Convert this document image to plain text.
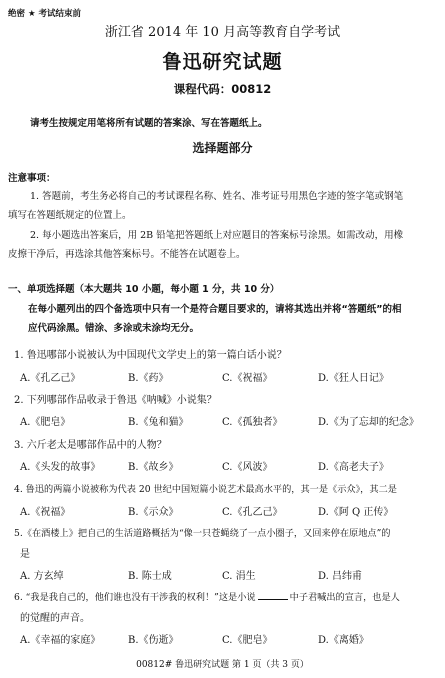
绝密 ★ 考试结束前
浙江省 2014 年 10 月高等教育自学考试
鲁迅研究试题
课程代码：00812
请考生按规定用笔将所有试题的答案涂、写在答题纸上。
选择题部分
注意事项：
1. 答题前，考生务必将自己的考试课程名称、姓名、准考证号用黑色字迹的签字笔或钢笔
填写在答题纸规定的位置上。
2. 每小题选出答案后，用 2B 铅笔把答题纸上对应题目的答案标号涂黑。如需改动，用橡
皮擦干净后，再选涂其他答案标号。不能答在试题卷上。
一、单项选择题（本大题共 10 小题，每小题 1 分，共 10 分）
在每小题列出的四个备选项中只有一个是符合题目要求的，请将其选出并将“答题纸”的相
应代码涂黑。错涂、多涂或未涂均无分。
1. 鲁迅哪部小说被认为中国现代文学史上的第一篇白话小说？
A.《孔乙己》	B.《药》	C.《祝福》	D.《狂人日记》
2. 下列哪部作品收录于鲁迅《呐喊》小说集？
A.《肥皂》	B.《兔和猫》	C.《孤独者》	D.《为了忘却的纪念》
3. 六斤老太是哪部作品中的人物？
A.《头发的故事》	B.《故乡》	C.《风波》	D.《高老夫子》
4. 鲁迅的两篇小说被称为代表 20 世纪中国短篇小说艺术最高水平的，其一是《示众》，其二是
A.《祝福》	B.《示众》	C.《孔乙己》	D.《阿 Q 正传》
5.《在酒楼上》把自己的生活道路概括为“像一只苍蝇绕了一点小圈子，又回来停在原地点”的
是
A. 方玄绰	B. 陈士成	C. 涓生	D. 吕纬甫
6. “我是我自己的，他们谁也没有干涉我的权利！”这是小说	中子君喊出的宣言，也是人
的觉醒的声音。
A.《幸福的家庭》	B.《伤逝》	C.《肥皂》	D.《离婚》
00812# 鲁迅研究试题 第 1 页（共 3 页）
